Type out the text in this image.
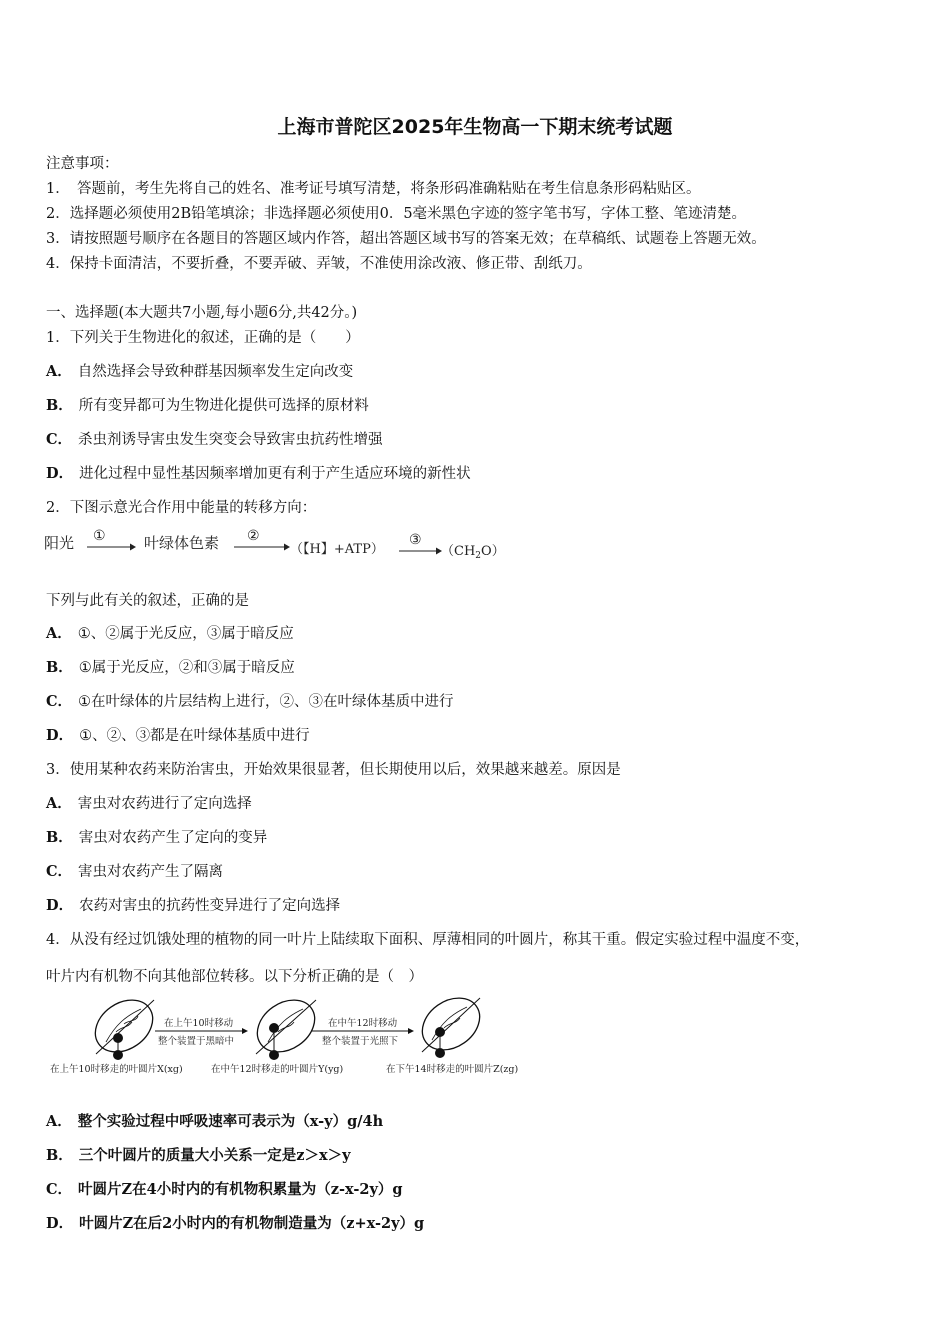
上海市普陀区2025年生物高一下期末统考试题
注意事项：
1．　答题前，考生先将自己的姓名、准考证号填写清楚，将条形码准确粘贴在考生信息条形码粘贴区。
2．选择题必须使用2B铅笔填涂；非选择题必须使用0．5毫米黑色字迹的签字笔书写，字体工整、笔迹清楚。
3．请按照题号顺序在各题目的答题区域内作答，超出答题区域书写的答案无效；在草稿纸、试题卷上答题无效。
4．保持卡面清洁，不要折叠，不要弄破、弄皱，不准使用涂改液、修正带、刮纸刀。
一、选择题(本大题共7小题,每小题6分,共42分。)
1．下列关于生物进化的叙述，正确的是（　　）
A． 自然选择会导致种群基因频率发生定向改变
B． 所有变异都可为生物进化提供可选择的原材料
C． 杀虫剂诱导害虫发生突变会导致害虫抗药性增强
D． 进化过程中显性基因频率增加更有利于产生适应环境的新性状
2．下图示意光合作用中能量的转移方向：
阳光 ①	叶绿体色素 ②
（【H】+ATP）
③
$(CH_2O)$
下列与此有关的叙述，正确的是
A． ①、②属于光反应，③属于暗反应
B． ①属于光反应，②和③属于暗反应
C． ①在叶绿体的片层结构上进行，②、③在叶绿体基质中进行
D． ①、②、③都是在叶绿体基质中进行
3．使用某种农药来防治害虫，开始效果很显著，但长期使用以后，效果越来越差。原因是
A． 害虫对农药进行了定向选择
B． 害虫对农药产生了定向的变异
C． 害虫对农药产生了隔离
D． 农药对害虫的抗药性变异进行了定向选择
4．从没有经过饥饿处理的植物的同一叶片上陆续取下面积、厚薄相同的叶圆片，称其干重。假定实验过程中温度不变，
叶片内有机物不向其他部位转移。以下分析正确的是（　）
在上午10时移动
整个装置于黑暗中
在中午12时移动
整个装置于光照下
在上午10时移走的叶圆片X(xg)	在中午12时移走的叶圆片Y(yg)	在下午14时移走的叶圆片Z(zg)
A． 整个实验过程中呼吸速率可表示为（x-y）g/4h
B． 三个叶圆片的质量大小关系一定是z＞x＞y
C． 叶圆片Z在4小时内的有机物积累量为（z-x-2y）g
D． 叶圆片Z在后2小时内的有机物制造量为（z+x-2y）g
